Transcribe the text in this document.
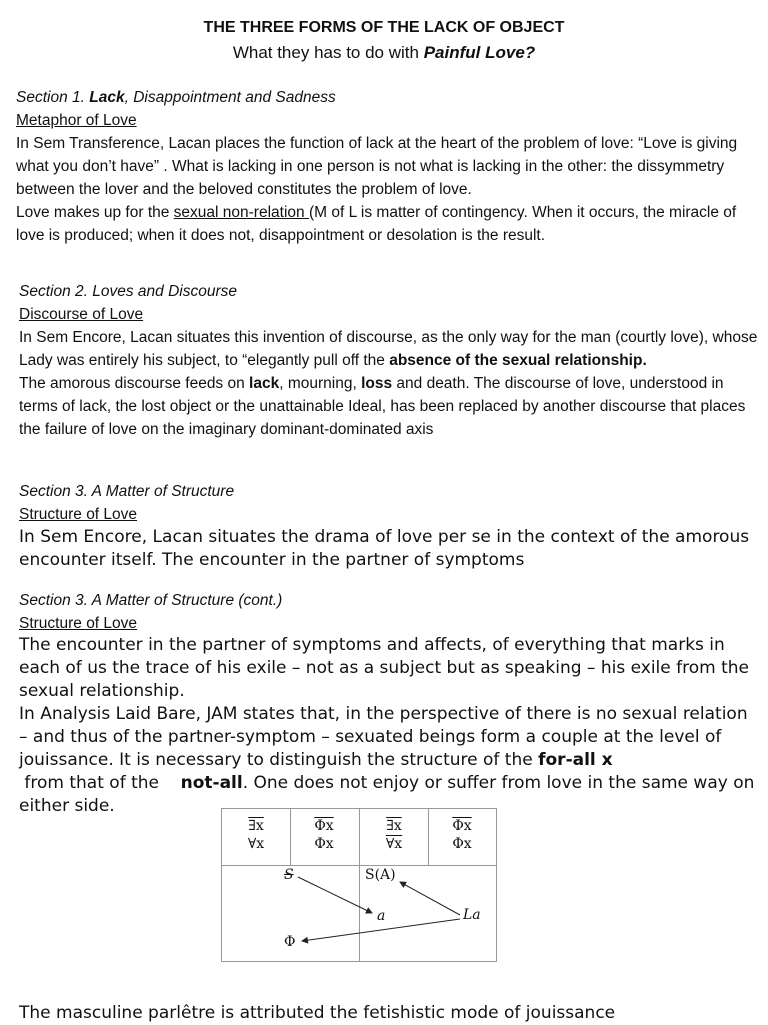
THE THREE FORMS OF THE LACK OF OBJECT
What they has to do with Painful Love?
Section 1. Lack, Disappointment and Sadness
Metaphor of Love

In Sem Transference, Lacan places the function of lack at the heart of the problem of love: “Love is giving what you don’t have” . What is lacking in one person is not what is lacking in the other: the dissymmetry between the lover and the beloved constitutes the problem of love.

Love makes up for the sexual non-relation (M of L is matter of contingency. When it occurs, the miracle of love is produced; when it does not, disappointment or desolation is the result.

Section 2. Loves and Discourse
Discourse of Love

In Sem Encore, Lacan situates this invention of discourse, as the only way for the man (courtly love), whose Lady was entirely his subject, to “elegantly pull off the absence of the sexual relationship.

The amorous discourse feeds on lack, mourning, loss and death. The discourse of love, understood in terms of lack, the lost object or the unattainable Ideal, has been replaced by another discourse that places the failure of love on the imaginary dominant-dominated axis

Section 3. A Matter of Structure
Structure of Love
In Sem Encore, Lacan situates the drama of love per se in the context of the amorous encounter itself. The encounter in the partner of symptoms
Section 3. A Matter of Structure (cont.)
Structure of Love

The encounter in the partner of symptoms and affects, of everything that marks in each of us the trace of his exile – not as a subject but as speaking – his exile from the sexual relationship.

In Analysis Laid Bare, JAM states that, in the perspective of there is no sexual relation – and thus of the partner-symptom – sexuated beings form a couple at the level of jouissance. It is necessary to distinguish the structure of the for-all x from that of the    not-all. One does not enjoy or suffer from love in the same way on either side.

∃x
∀x
$\overline{\Phi x}$
Φx
∃x
∀x
$\overline{\Phi x}$
Φx
S	S(A)
a	La
Φ
The masculine parlêtre is attributed the fetishistic mode of jouissance
